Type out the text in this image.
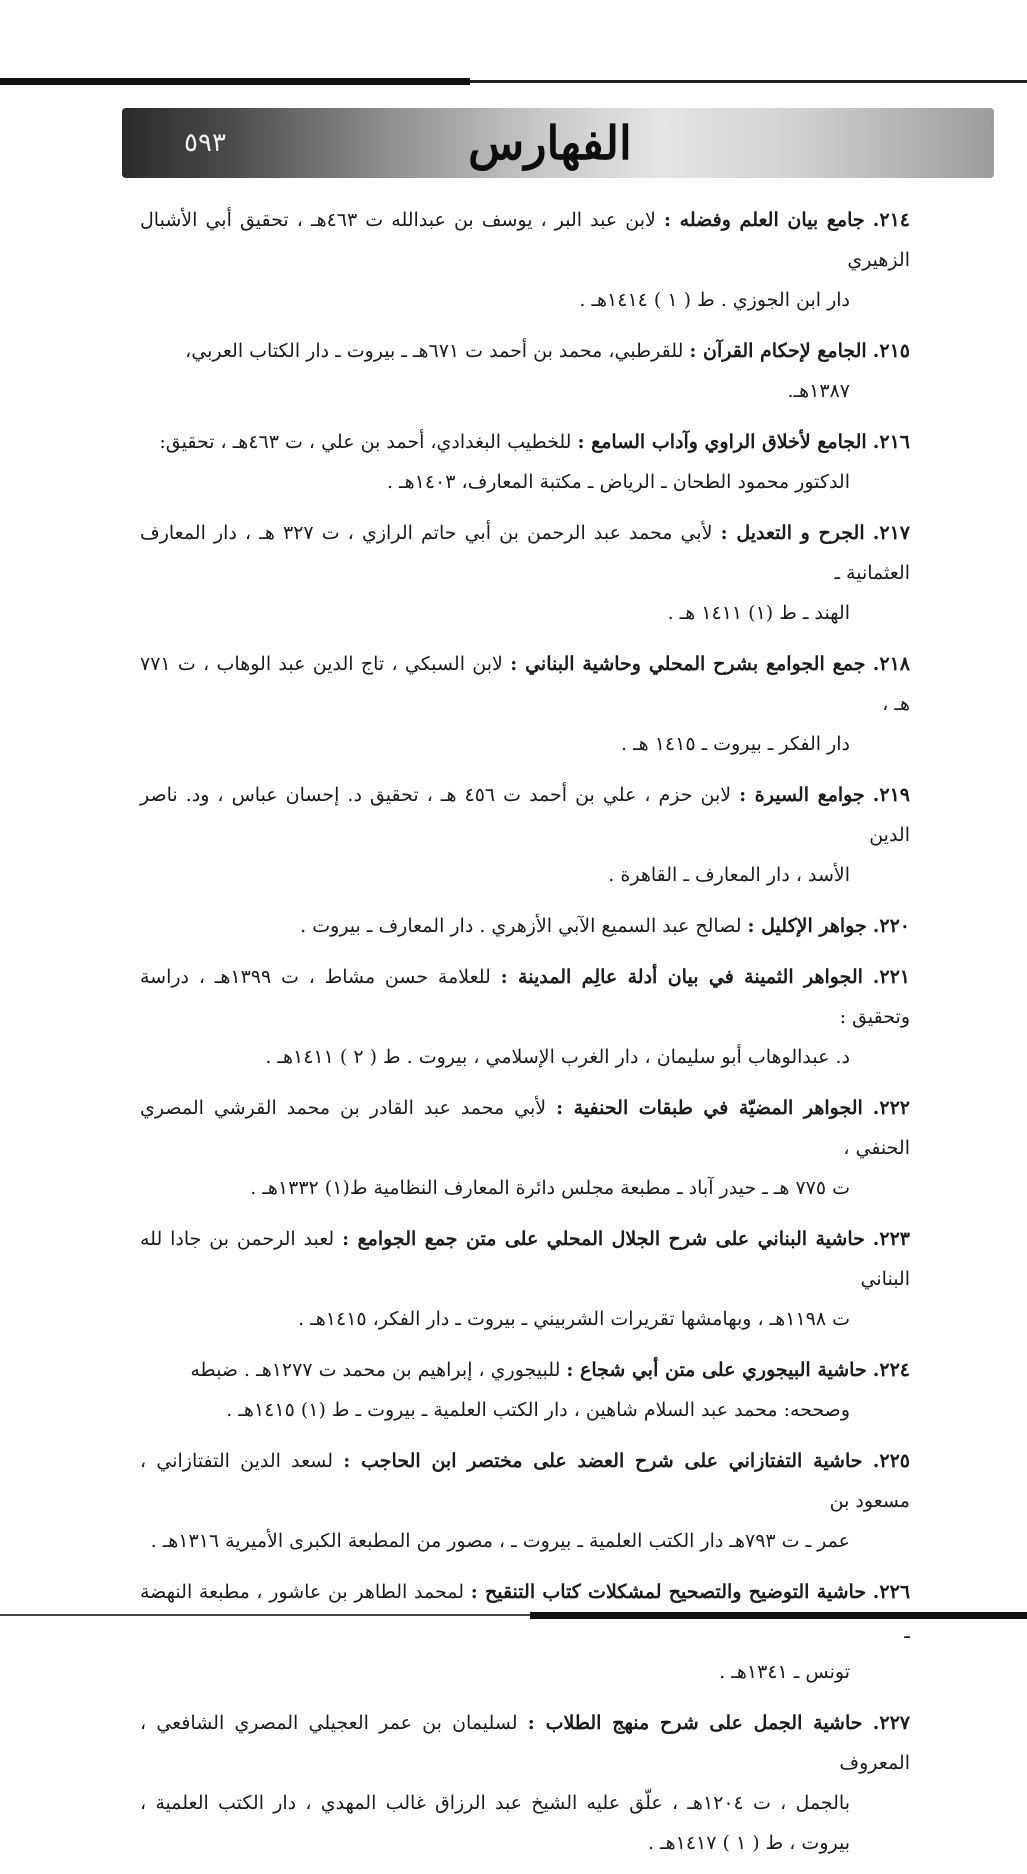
الفهارس
٥٩٣

٢١٤. جامع بيان العلم وفضله : لابن عبد البر ، يوسف بن عبدالله ت ٤٦٣هـ ، تحقيق أبي الأشبال الزهيري
دار ابن الجوزي . ط ( ١ ) ١٤١٤هـ .

٢١٥. الجامع لإحكام القرآن : للقرطبي، محمد بن أحمد ت ٦٧١هـ ـ بيروت ـ دار الكتاب العربي،
١٣٨٧هـ.

٢١٦. الجامع لأخلاق الراوي وآداب السامع : للخطيب البغدادي، أحمد بن علي ، ت ٤٦٣هـ ، تحقيق:
الدكتور محمود الطحان ـ الرياض ـ مكتبة المعارف، ١٤٠٣هـ .

٢١٧. الجرح و التعديل : لأبي محمد عبد الرحمن بن أبي حاتم الرازي ، ت ٣٢٧ هـ ، دار المعارف العثمانية ـ
الهند ـ ط (١) ١٤١١ هـ .

٢١٨. جمع الجوامع بشرح المحلي وحاشية البناني : لابن السبكي ، تاج الدين عبد الوهاب ، ت ٧٧١ هـ ،
دار الفكر ـ بيروت ـ ١٤١٥ هـ .

٢١٩. جوامع السيرة : لابن حزم ، علي بن أحمد ت ٤٥٦ هـ ، تحقيق د. إحسان عباس ، ود. ناصر الدين
الأسد ، دار المعارف ـ القاهرة .

٢٢٠. جواهر الإكليل : لصالح عبد السميع الآبي الأزهري . دار المعارف ـ بيروت .

٢٢١. الجواهر الثمينة في بيان أدلة عالِم المدينة : للعلامة حسن مشاط ، ت ١٣٩٩هـ ، دراسة وتحقيق :
د. عبدالوهاب أبو سليمان ، دار الغرب الإسلامي ، بيروت . ط ( ٢ ) ١٤١١هـ .

٢٢٢. الجواهر المضيّة في طبقات الحنفية : لأبي محمد عبد القادر بن محمد القرشي المصري الحنفي ،
ت ٧٧٥ هـ ـ حيدر آباد ـ مطبعة مجلس دائرة المعارف النظامية ط(١) ١٣٣٢هـ .

٢٢٣. حاشية البناني على شرح الجلال المحلي على متن جمع الجوامع : لعبد الرحمن بن جادا لله البناني
ت ١١٩٨هـ ، وبهامشها تقريرات الشربيني ـ بيروت ـ دار الفكر، ١٤١٥هـ .

٢٢٤. حاشية البيجوري على متن أبي شجاع : للبيجوري ، إبراهيم بن محمد ت ١٢٧٧هـ . ضبطه
وصححه: محمد عبد السلام شاهين ، دار الكتب العلمية ـ بيروت ـ ط (١) ١٤١٥هـ .

٢٢٥. حاشية التفتازاني على شرح العضد على مختصر ابن الحاجب : لسعد الدين التفتازاني ، مسعود بن
عمر ـ ت ٧٩٣هـ دار الكتب العلمية ـ بيروت ـ ، مصور من المطبعة الكبرى الأميرية ١٣١٦هـ .

٢٢٦. حاشية التوضيح والتصحيح لمشكلات كتاب التنقيح : لمحمد الطاهر بن عاشور ، مطبعة النهضة ـ
تونس ـ ١٣٤١هـ .

٢٢٧. حاشية الجمل على شرح منهج الطلاب : لسليمان بن عمر العجيلي المصري الشافعي ، المعروف
بالجمل ، ت ١٢٠٤هـ ، علّق عليه الشيخ عبد الرزاق غالب المهدي ، دار الكتب العلمية ، بيروت ، ط ( ١ ) ١٤١٧هـ .
